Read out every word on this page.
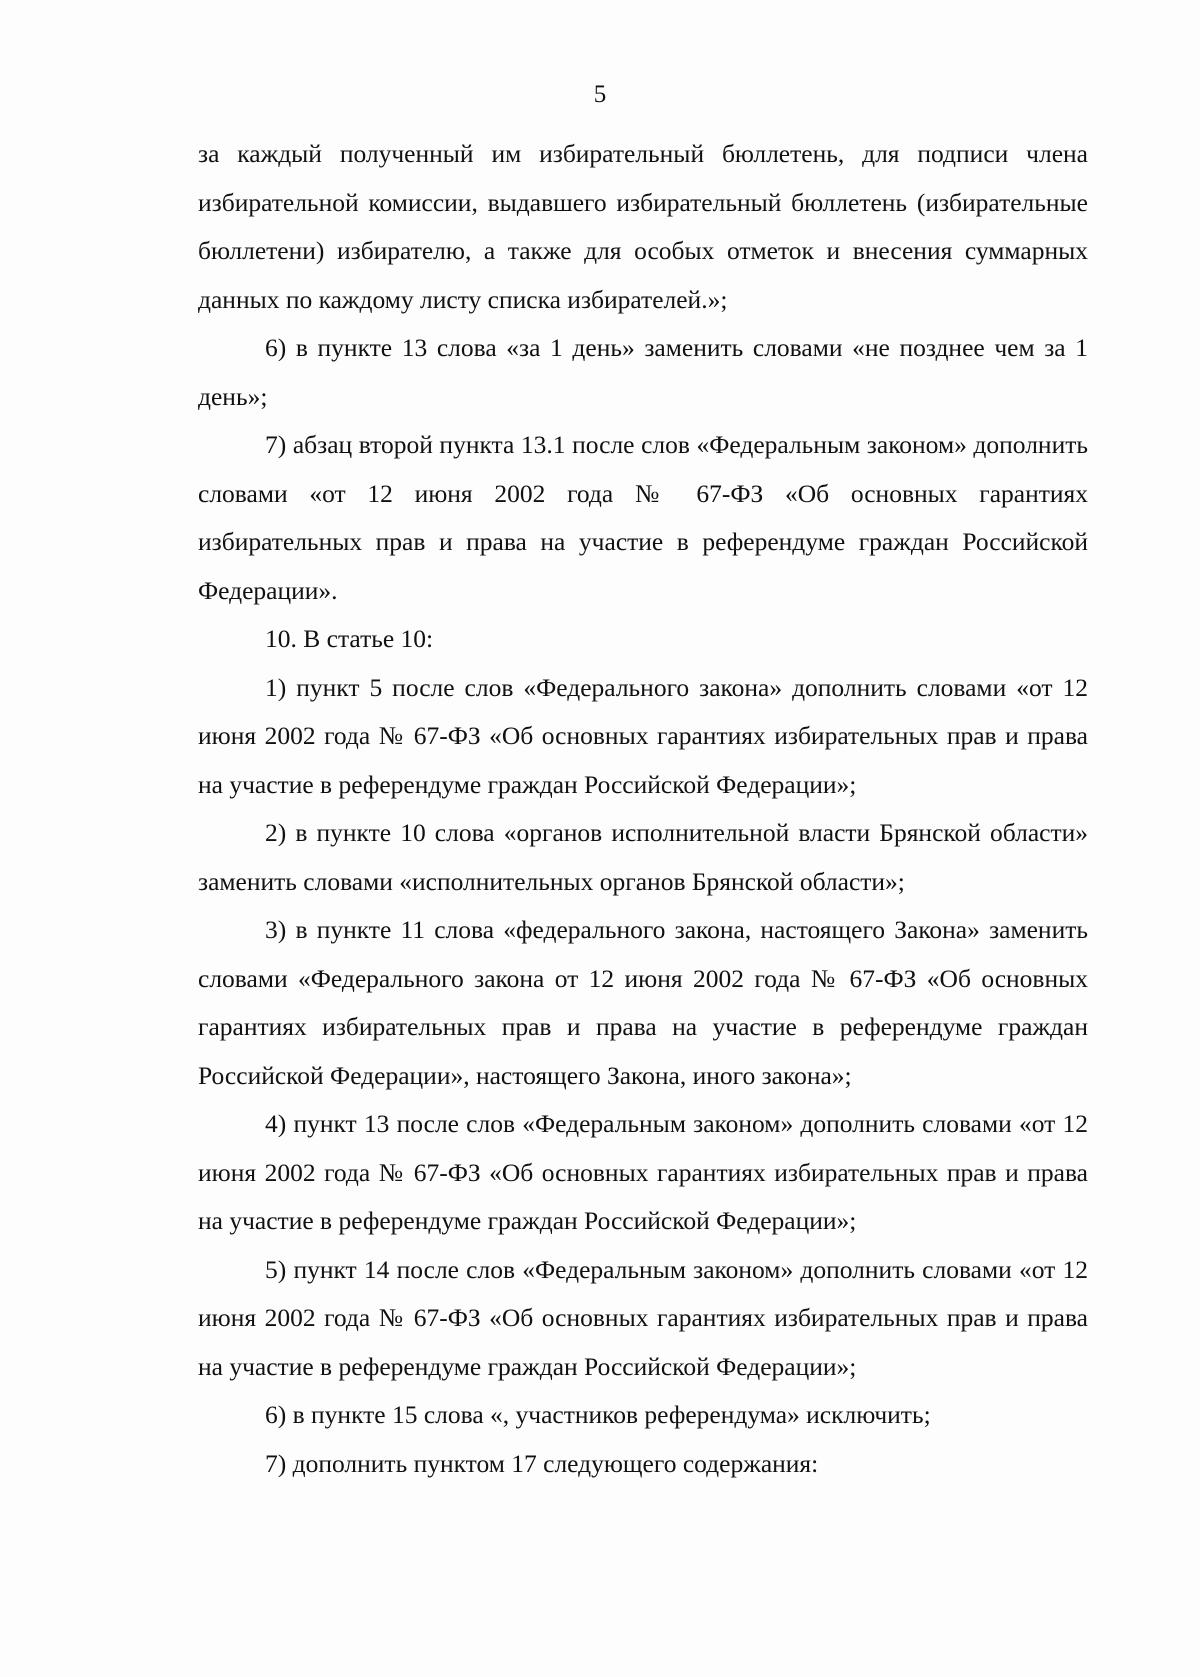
5

за каждый полученный им избирательный бюллетень, для подписи члена избирательной комиссии, выдавшего избирательный бюллетень (избирательные бюллетени) избирателю, а также для особых отметок и внесения суммарных данных по каждому листу списка избирателей.»;

6) в пункте 13 слова «за 1 день» заменить словами «не позднее чем за 1 день»;

7) абзац второй пункта 13.1 после слов «Федеральным законом» дополнить словами «от 12 июня 2002 года № 67-ФЗ «Об основных гарантиях избирательных прав и права на участие в референдуме граждан Российской Федерации».

10. В статье 10:

1) пункт 5 после слов «Федерального закона» дополнить словами «от 12 июня 2002 года № 67-ФЗ «Об основных гарантиях избирательных прав и права на участие в референдуме граждан Российской Федерации»;

2) в пункте 10 слова «органов исполнительной власти Брянской области» заменить словами «исполнительных органов Брянской области»;

3) в пункте 11 слова «федерального закона, настоящего Закона» заменить словами «Федерального закона от 12 июня 2002 года № 67-ФЗ «Об основных гарантиях избирательных прав и права на участие в референдуме граждан Российской Федерации», настоящего Закона, иного закона»;

4) пункт 13 после слов «Федеральным законом» дополнить словами «от 12 июня 2002 года № 67-ФЗ «Об основных гарантиях избирательных прав и права на участие в референдуме граждан Российской Федерации»;

5) пункт 14 после слов «Федеральным законом» дополнить словами «от 12 июня 2002 года № 67-ФЗ «Об основных гарантиях избирательных прав и права на участие в референдуме граждан Российской Федерации»;

6) в пункте 15 слова «, участников референдума» исключить;

7) дополнить пунктом 17 следующего содержания:
